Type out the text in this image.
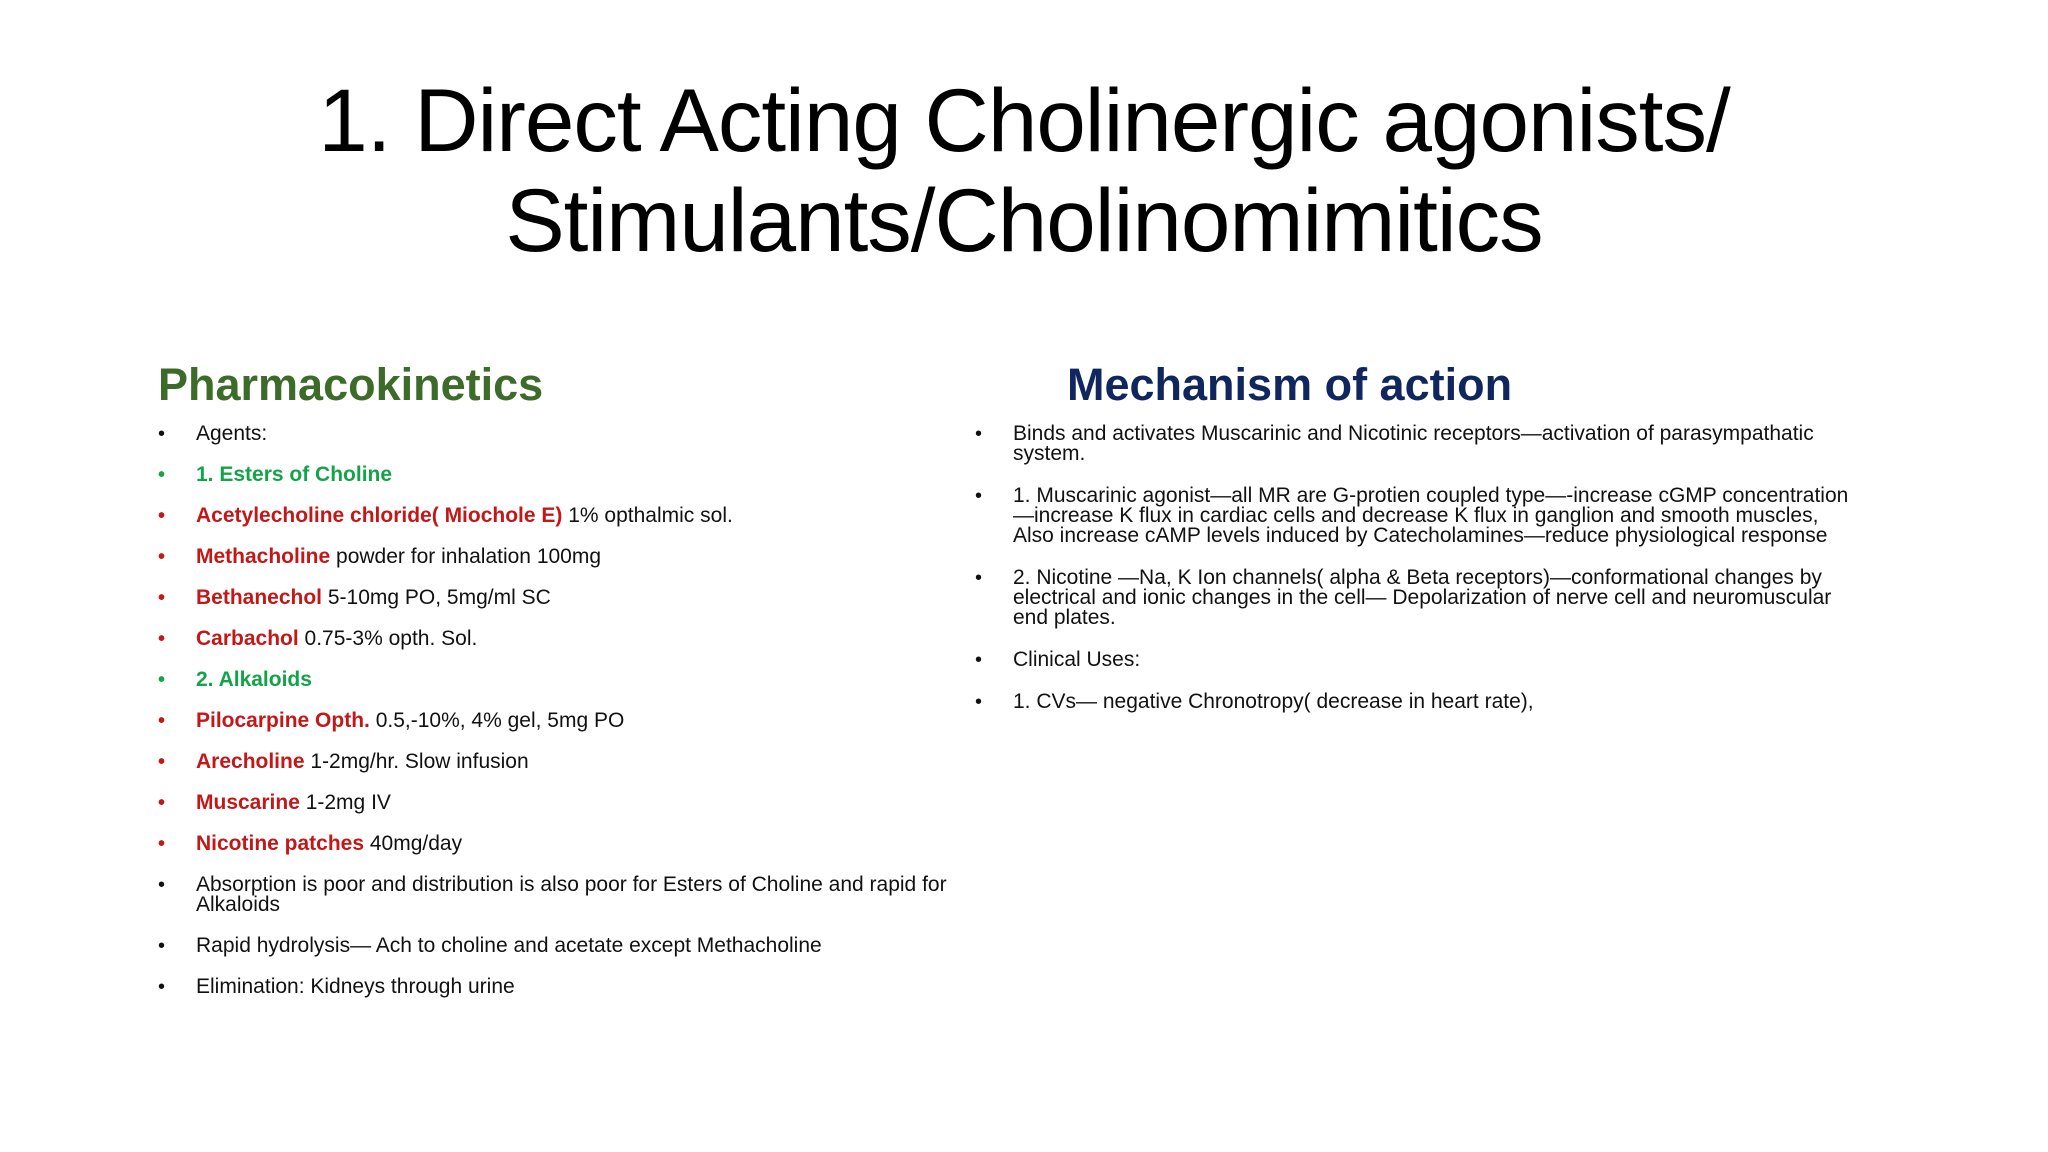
1. Direct Acting Cholinergic agonists/
Stimulants/Cholinomimitics
Pharmacokinetics
• Agents:
• 1. Esters of Choline
• Acetylecholine chloride( Miochole E) 1% opthalmic sol.
• Methacholine powder for inhalation 100mg
• Bethanechol 5-10mg PO, 5mg/ml SC
• Carbachol 0.75-3% opth. Sol.
• 2. Alkaloids
• Pilocarpine Opth. 0.5,-10%, 4% gel, 5mg PO
• Arecholine 1-2mg/hr. Slow infusion
• Muscarine 1-2mg IV
• Nicotine patches 40mg/day
• Absorption is poor and distribution is also poor for Esters of Choline and rapid for Alkaloids
• Rapid hydrolysis— Ach to choline and acetate except Methacholine
• Elimination: Kidneys through urine
Mechanism of action
• Binds and activates Muscarinic and Nicotinic receptors—activation of parasympathatic system.
• 1. Muscarinic agonist—all MR are G-protien coupled type—-increase cGMP concentration—increase K flux in cardiac cells and decrease K flux in ganglion and smooth muscles, Also increase cAMP levels induced by Catecholamines—reduce physiological response
• 2. Nicotine —Na, K Ion channels( alpha & Beta receptors)—conformational changes by electrical and ionic changes in the cell— Depolarization of nerve cell and neuromuscular end plates.
• Clinical Uses:
• 1. CVs— negative Chronotropy( decrease in heart rate),
